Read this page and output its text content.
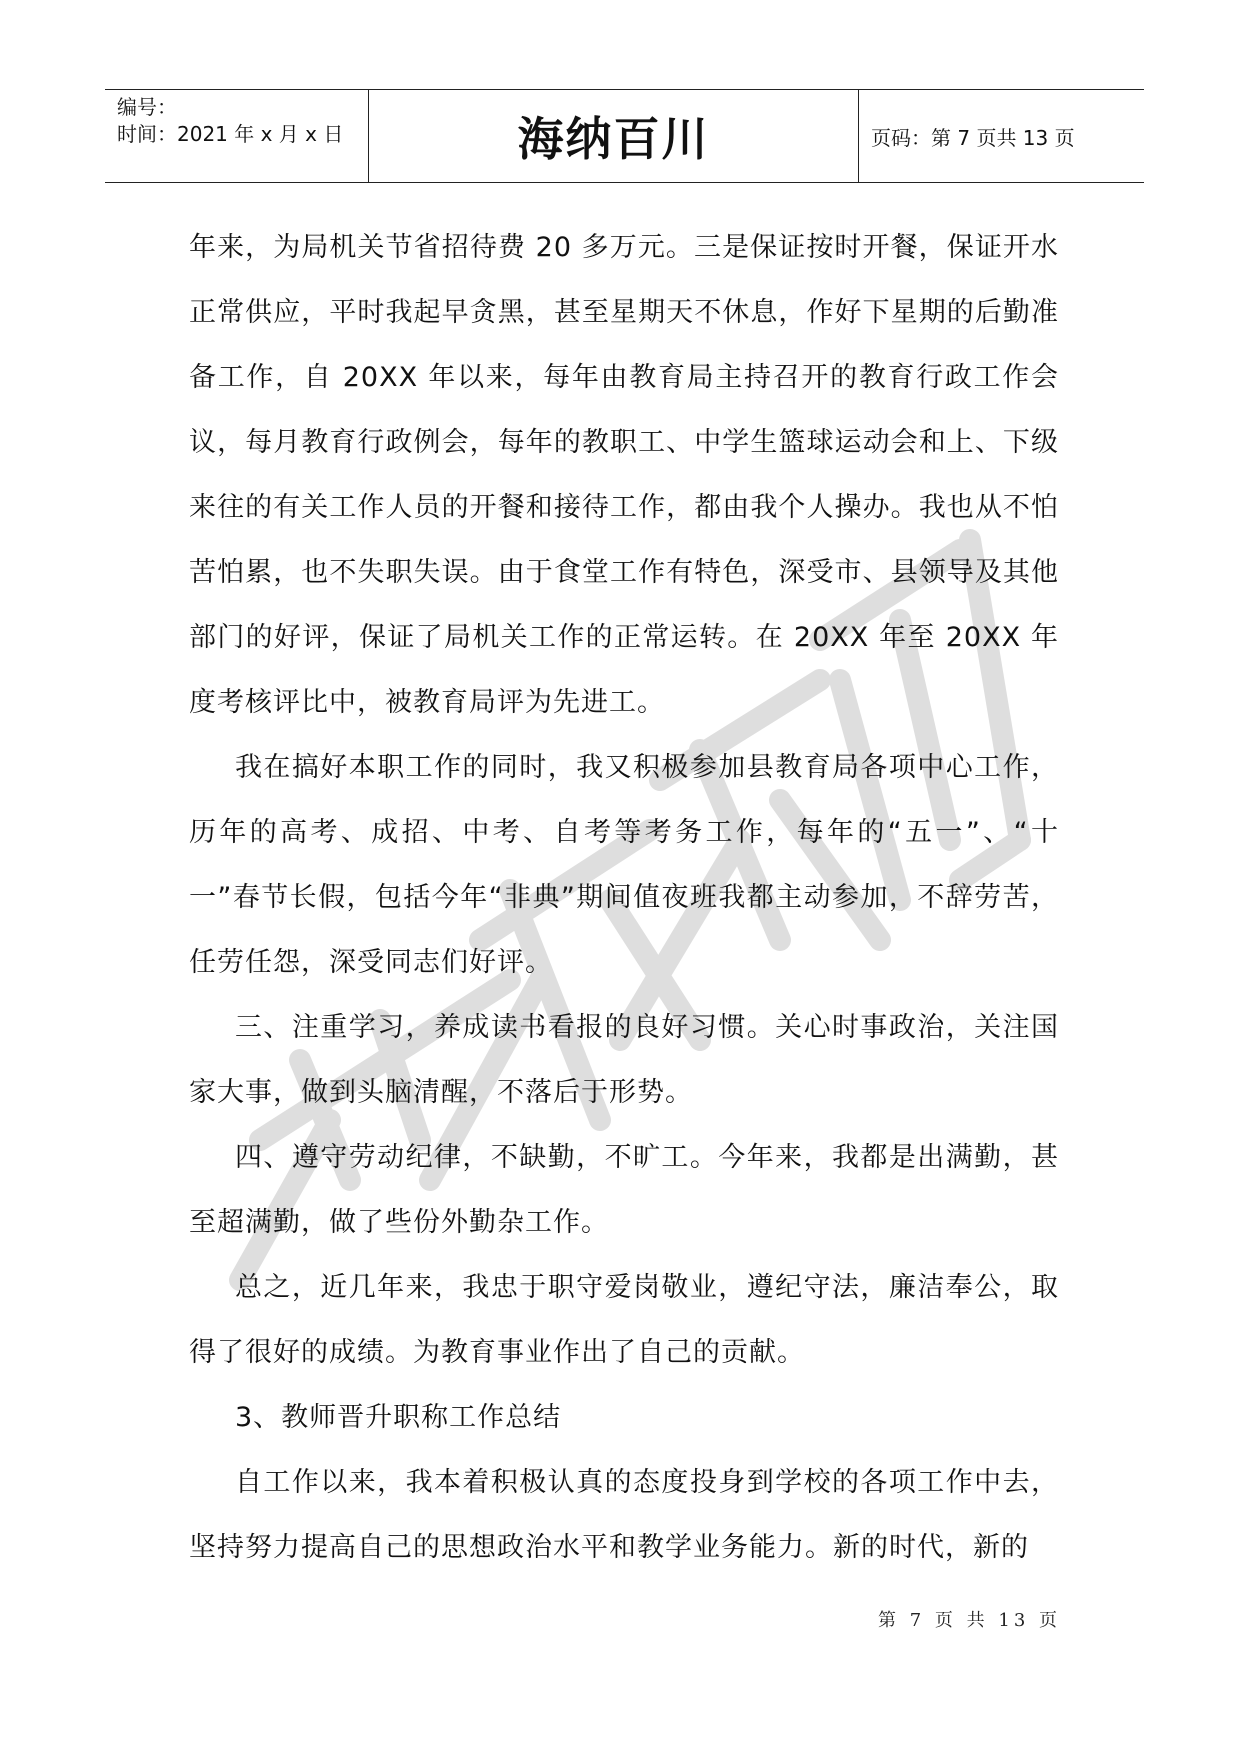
编号：
时间：2021 年 x 月 x 日	海纳百川	页码：第 7 页共 13 页

年来，为局机关节省招待费 20 多万元。三是保证按时开餐，保证开水正常供应，平时我起早贪黑，甚至星期天不休息，作好下星期的后勤准备工作，自 20XX 年以来，每年由教育局主持召开的教育行政工作会议，每月教育行政例会，每年的教职工、中学生篮球运动会和上、下级来往的有关工作人员的开餐和接待工作，都由我个人操办。我也从不怕苦怕累，也不失职失误。由于食堂工作有特色，深受市、县领导及其他部门的好评，保证了局机关工作的正常运转。在 20XX 年至 20XX 年度考核评比中，被教育局评为先进工。

我在搞好本职工作的同时，我又积极参加县教育局各项中心工作，历年的高考、成招、中考、自考等考务工作，每年的“五一”、“十一”春节长假，包括今年“非典”期间值夜班我都主动参加，不辞劳苦，任劳任怨，深受同志们好评。

三、注重学习，养成读书看报的良好习惯。关心时事政治，关注国家大事，做到头脑清醒，不落后于形势。

四、遵守劳动纪律，不缺勤，不旷工。今年来，我都是出满勤，甚至超满勤，做了些份外勤杂工作。

总之，近几年来，我忠于职守爱岗敬业，遵纪守法，廉洁奉公，取得了很好的成绩。为教育事业作出了自己的贡献。

3、教师晋升职称工作总结

自工作以来，我本着积极认真的态度投身到学校的各项工作中去，坚持努力提高自己的思想政治水平和教学业务能力。新的时代，新的

第 7 页 共 13 页
